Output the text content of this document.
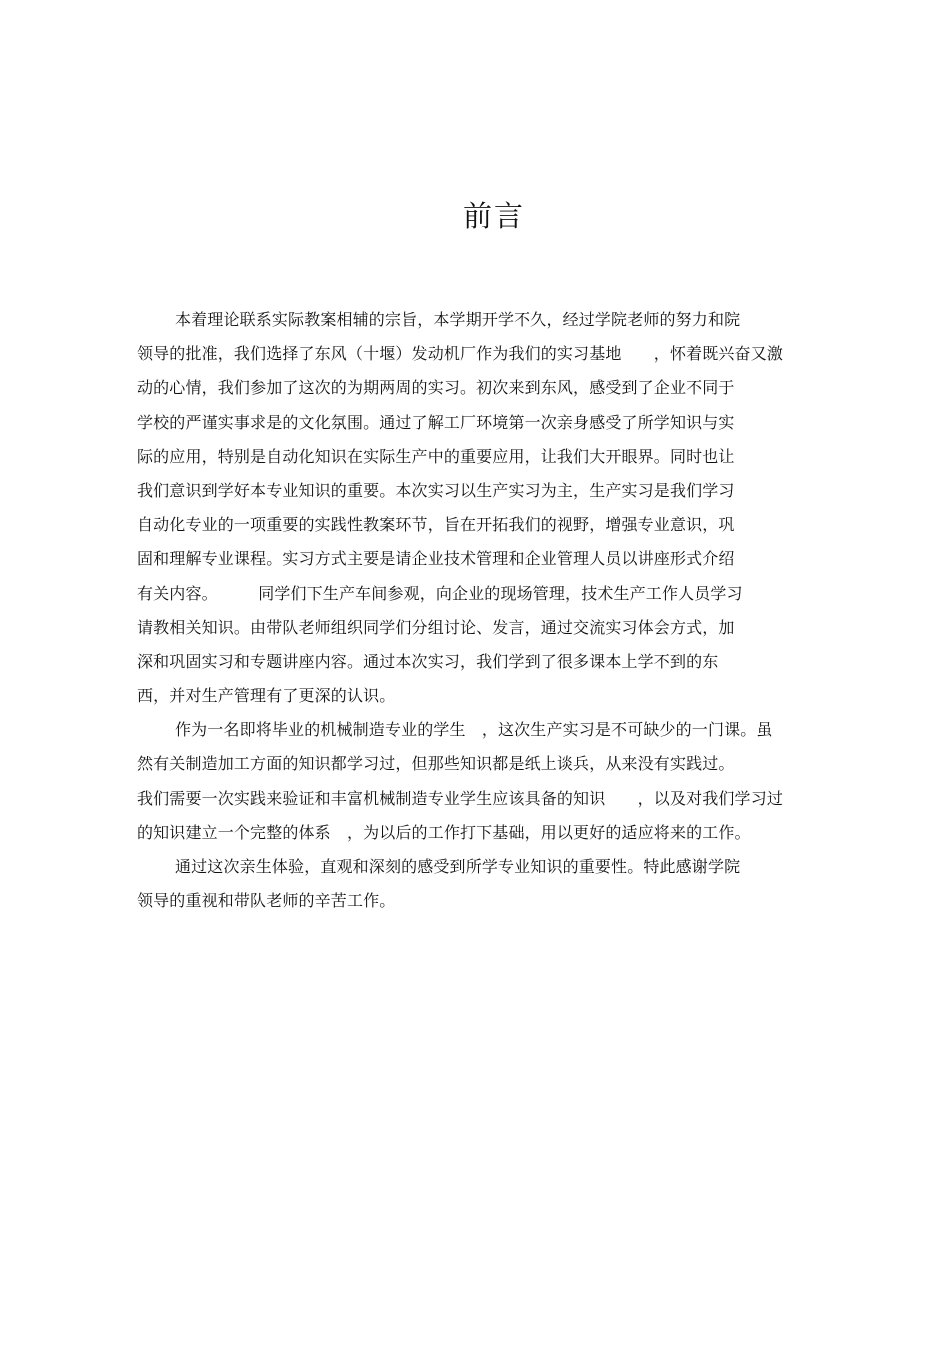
前言
本着理论联系实际教案相辅的宗旨，本学期开学不久，经过学院老师的努力和院
领导的批准，我们选择了东风（十堰）发动机厂作为我们的实习基地　　，怀着既兴奋又激
动的心情，我们参加了这次的为期两周的实习。初次来到东风，感受到了企业不同于
学校的严谨实事求是的文化氛围。通过了解工厂环境第一次亲身感受了所学知识与实
际的应用，特别是自动化知识在实际生产中的重要应用，让我们大开眼界。同时也让
我们意识到学好本专业知识的重要。本次实习以生产实习为主，生产实习是我们学习
自动化专业的一项重要的实践性教案环节，旨在开拓我们的视野，增强专业意识，巩
固和理解专业课程。实习方式主要是请企业技术管理和企业管理人员以讲座形式介绍
有关内容。　　　同学们下生产车间参观，向企业的现场管理，技术生产工作人员学习
请教相关知识。由带队老师组织同学们分组讨论、发言，通过交流实习体会方式，加
深和巩固实习和专题讲座内容。通过本次实习，我们学到了很多课本上学不到的东
西，并对生产管理有了更深的认识。
作为一名即将毕业的机械制造专业的学生　，这次生产实习是不可缺少的一门课。虽
然有关制造加工方面的知识都学习过，但那些知识都是纸上谈兵，从来没有实践过。
我们需要一次实践来验证和丰富机械制造专业学生应该具备的知识　　，以及对我们学习过
的知识建立一个完整的体系　，为以后的工作打下基础，用以更好的适应将来的工作。
通过这次亲生体验，直观和深刻的感受到所学专业知识的重要性。特此感谢学院
领导的重视和带队老师的辛苦工作。
